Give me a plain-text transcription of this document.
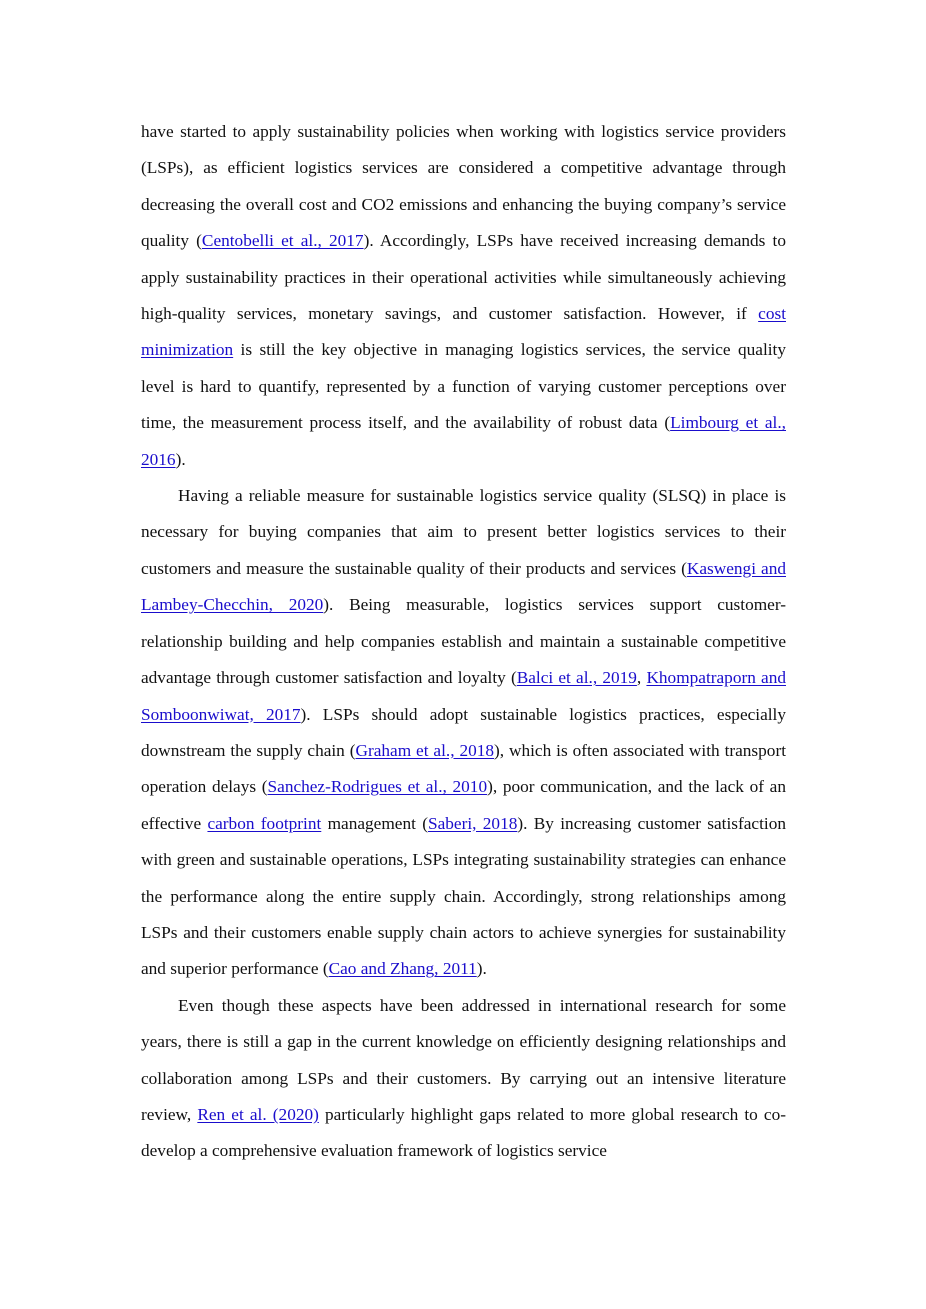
have started to apply sustainability policies when working with logistics service providers (LSPs), as efficient logistics services are considered a competitive advantage through decreasing the overall cost and CO2 emissions and enhancing the buying company’s service quality (Centobelli et al., 2017). Accordingly, LSPs have received increasing demands to apply sustainability practices in their operational activities while simultaneously achieving high-quality services, monetary savings, and customer satisfaction. However, if cost minimization is still the key objective in managing logistics services, the service quality level is hard to quantify, represented by a function of varying customer perceptions over time, the measurement process itself, and the availability of robust data (Limbourg et al., 2016).

Having a reliable measure for sustainable logistics service quality (SLSQ) in place is necessary for buying companies that aim to present better logistics services to their customers and measure the sustainable quality of their products and services (Kaswengi and Lambey-Checchin, 2020). Being measurable, logistics services support customer-relationship building and help companies establish and maintain a sustainable competitive advantage through customer satisfaction and loyalty (Balci et al., 2019, Khompatraporn and Somboonwiwat, 2017). LSPs should adopt sustainable logistics practices, especially downstream the supply chain (Graham et al., 2018), which is often associated with transport operation delays (Sanchez-Rodrigues et al., 2010), poor communication, and the lack of an effective carbon footprint management (Saberi, 2018). By increasing customer satisfaction with green and sustainable operations, LSPs integrating sustainability strategies can enhance the performance along the entire supply chain. Accordingly, strong relationships among LSPs and their customers enable supply chain actors to achieve synergies for sustainability and superior performance (Cao and Zhang, 2011).

Even though these aspects have been addressed in international research for some years, there is still a gap in the current knowledge on efficiently designing relationships and collaboration among LSPs and their customers. By carrying out an intensive literature review, Ren et al. (2020) particularly highlight gaps related to more global research to co-develop a comprehensive evaluation framework of logistics service
